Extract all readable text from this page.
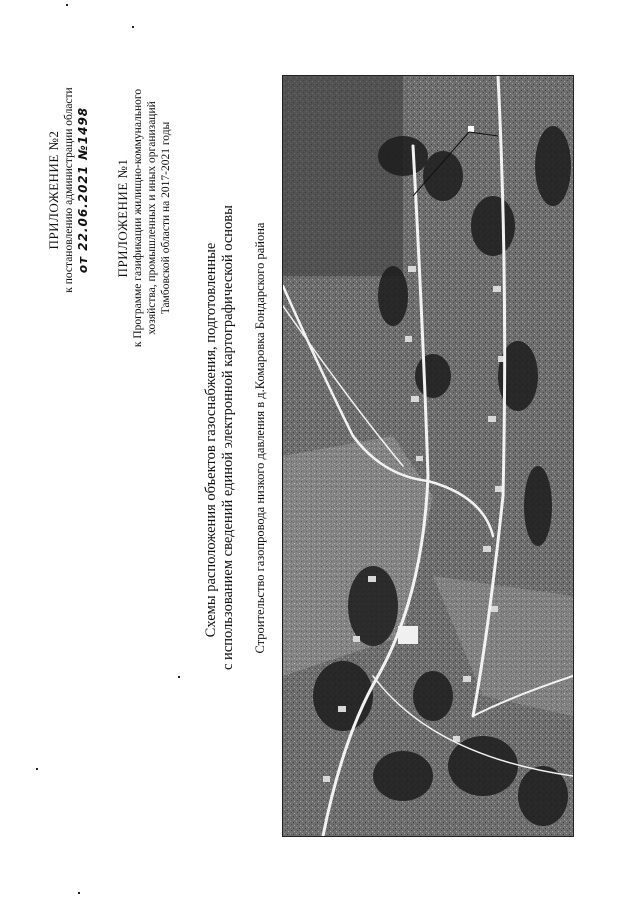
ПРИЛОЖЕНИЕ №2 к постановлению администрации области от 22.06.2021 №1498 ПРИЛОЖЕНИЕ №1 к Программе газификации жилищно-коммунального хозяйства, промышленных и иных организаций Тамбовской области на 2017-2021 годы
Схемы расположения объектов газоснабжения, подготовленные с использованием сведений единой электронной картографической основы Строительство газопровода низкого давления в д.Комаровка Бондарского района
